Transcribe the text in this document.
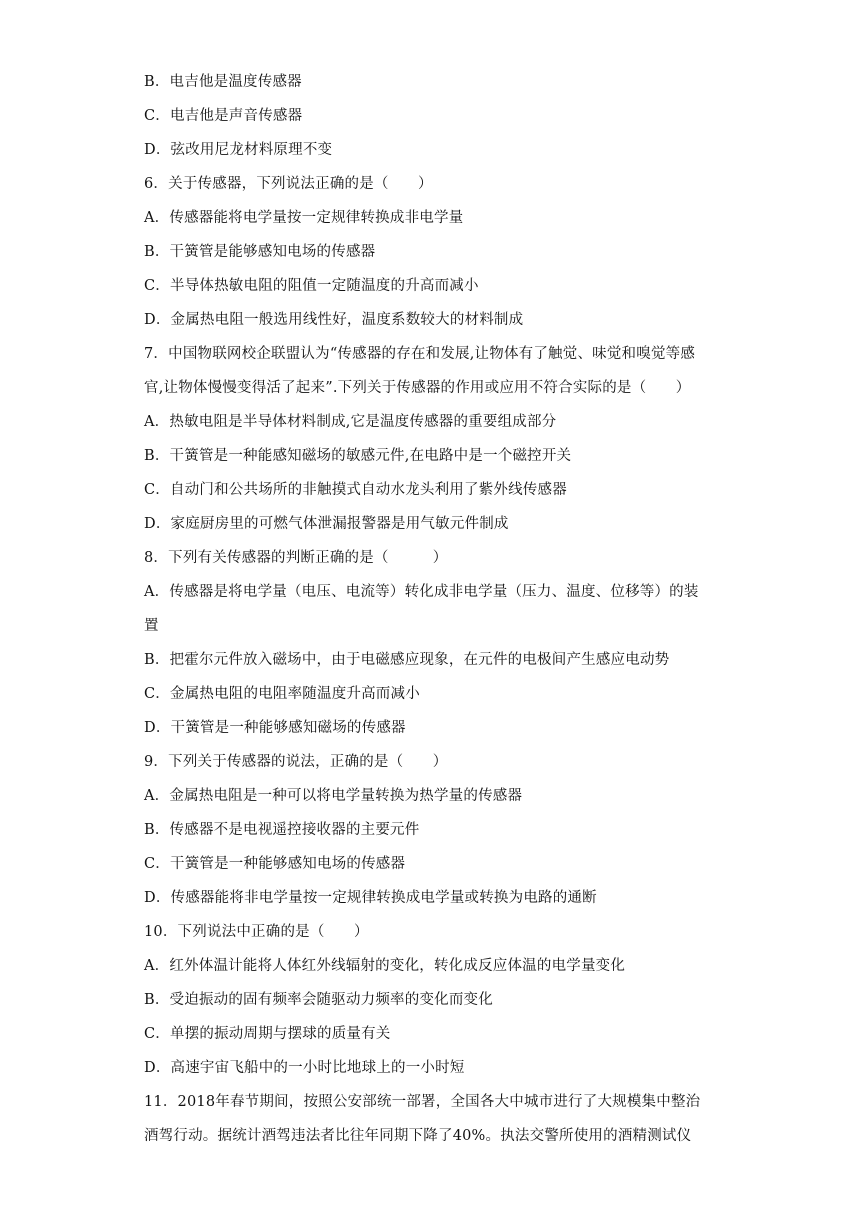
B．电吉他是温度传感器
C．电吉他是声音传感器
D．弦改用尼龙材料原理不变
6．关于传感器，下列说法正确的是（　　）
A．传感器能将电学量按一定规律转换成非电学量
B．干簧管是能够感知电场的传感器
C．半导体热敏电阻的阻值一定随温度的升高而减小
D．金属热电阻一般选用线性好，温度系数较大的材料制成
7．中国物联网校企联盟认为“传感器的存在和发展,让物体有了触觉、味觉和嗅觉等感
官,让物体慢慢变得活了起来”.下列关于传感器的作用或应用不符合实际的是（　　）
A．热敏电阻是半导体材料制成,它是温度传感器的重要组成部分
B．干簧管是一种能感知磁场的敏感元件,在电路中是一个磁控开关
C．自动门和公共场所的非触摸式自动水龙头利用了紫外线传感器
D．家庭厨房里的可燃气体泄漏报警器是用气敏元件制成
8．下列有关传感器的判断正确的是（　　　）
A．传感器是将电学量（电压、电流等）转化成非电学量（压力、温度、位移等）的装
置
B．把霍尔元件放入磁场中，由于电磁感应现象，在元件的电极间产生感应电动势
C．金属热电阻的电阻率随温度升高而减小
D．干簧管是一种能够感知磁场的传感器
9．下列关于传感器的说法，正确的是（　　）
A．金属热电阻是一种可以将电学量转换为热学量的传感器
B．传感器不是电视遥控接收器的主要元件
C．干簧管是一种能够感知电场的传感器
D．传感器能将非电学量按一定规律转换成电学量或转换为电路的通断
10．下列说法中正确的是（　　）
A．红外体温计能将人体红外线辐射的变化，转化成反应体温的电学量变化
B．受迫振动的固有频率会随驱动力频率的变化而变化
C．单摆的振动周期与摆球的质量有关
D．高速宇宙飞船中的一小时比地球上的一小时短
11．2018年春节期间，按照公安部统一部署，全国各大中城市进行了大规模集中整治
酒驾行动。据统计酒驾违法者比往年同期下降了40%。执法交警所使用的酒精测试仪
